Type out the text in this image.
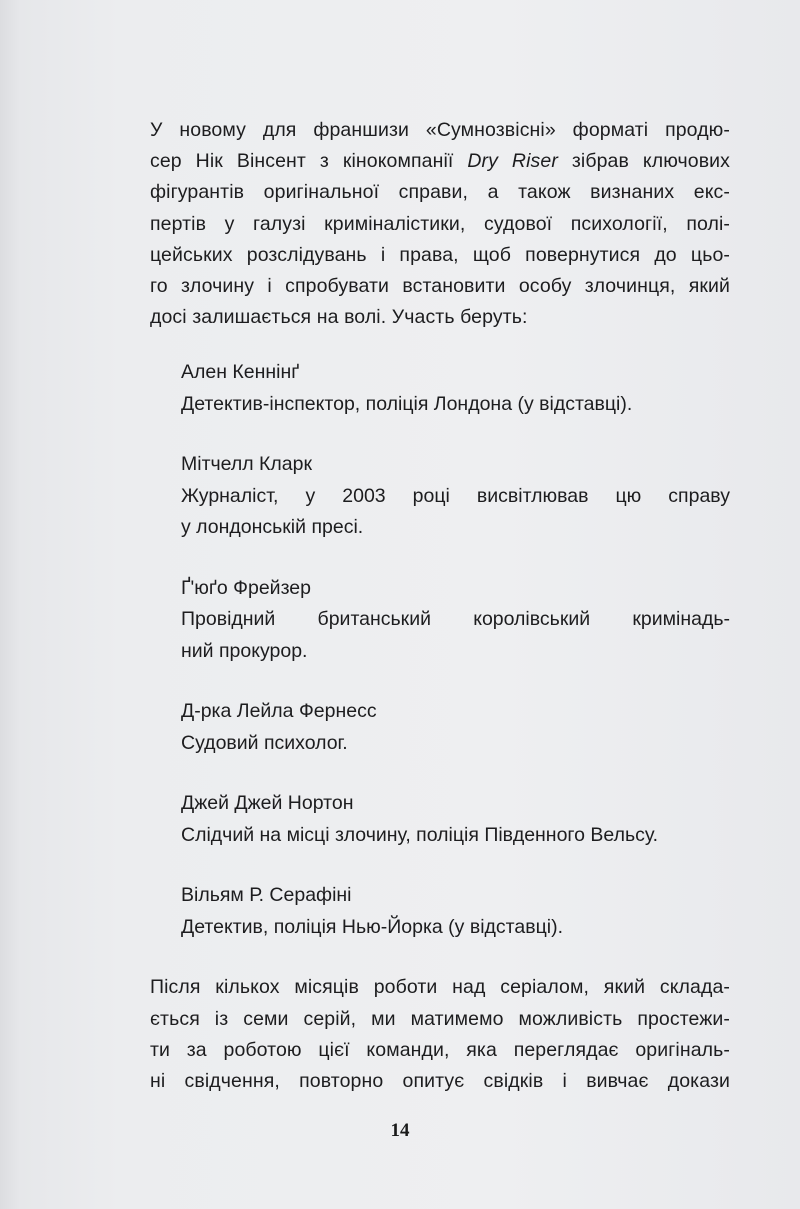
У новому для франшизи «Сумнозвісні» форматі продю-
сер Нік Вінсент з кінокомпанії Dry Riser зібрав ключових
фігурантів оригінальної справи, а також визнаних екс-
пертів у галузі криміналістики, судової психології, полі-
цейських розслідувань і права, щоб повернутися до цьо-
го злочину і спробувати встановити особу злочинця, який
досі залишається на волі. Участь беруть:

Ален Кеннінґ
Детектив-інспектор, поліція Лондона (у відставці).
Мітчелл Кларк
Журналіст, у 2003 році висвітлював цю справу
у лондонській пресі.
Ґ'юґо Фрейзер
Провідний британський королівський кримінадь-
ний прокурор.
Д-рка Лейла Фернесс
Судовий психолог.
Джей Джей Нортон
Слідчий на місці злочину, поліція Південного Вельсу.
Вільям Р. Серафіні
Детектив, поліція Нью-Йорка (у відставці).

Після кількох місяців роботи над серіалом, який склада-
ється із семи серій, ми матимемо можливість простежи-
ти за роботою цієї команди, яка переглядає оригіналь-
ні свідчення, повторно опитує свідків і вивчає докази

14
